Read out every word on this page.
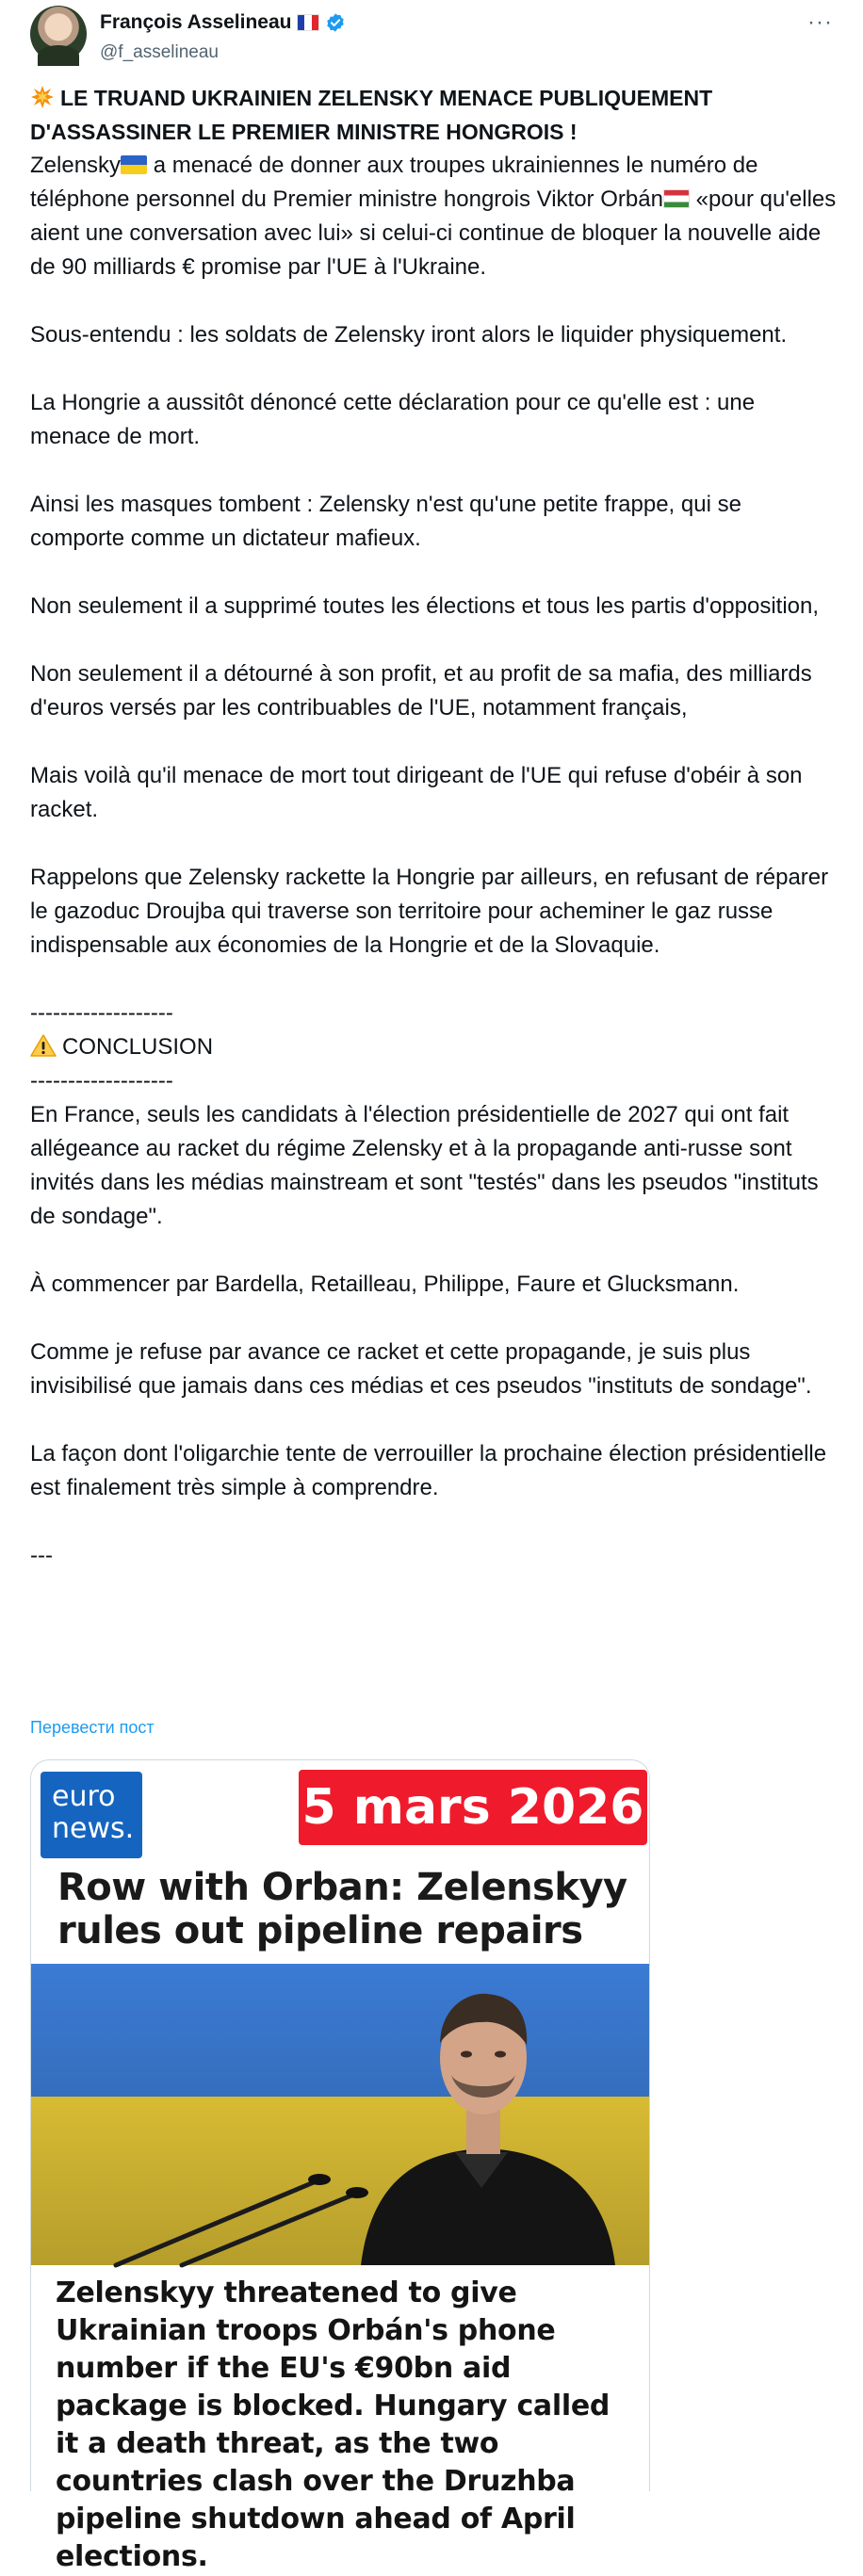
François Asselineau
@f_asselineau
···

LE TRUAND UKRAINIEN ZELENSKY MENACE PUBLIQUEMENT D'ASSASSINER LE PREMIER MINISTRE HONGROIS !

Zelensky a menacé de donner aux troupes ukrainiennes le numéro de téléphone personnel du Premier ministre hongrois Viktor Orbán «pour qu'elles aient une conversation avec lui» si celui-ci continue de bloquer la nouvelle aide de 90 milliards € promise par l'UE à l'Ukraine.

Sous-entendu : les soldats de Zelensky iront alors le liquider physiquement.

La Hongrie a aussitôt dénoncé cette déclaration pour ce qu'elle est : une menace de mort.

Ainsi les masques tombent : Zelensky n'est qu'une petite frappe, qui se comporte comme un dictateur mafieux.

Non seulement il a supprimé toutes les élections et tous les partis d'opposition,

Non seulement il a détourné à son profit, et au profit de sa mafia, des milliards d'euros versés par les contribuables de l'UE, notamment français,

Mais voilà qu'il menace de mort tout dirigeant de l'UE qui refuse d'obéir à son racket.

Rappelons que Zelensky rackette la Hongrie par ailleurs, en refusant de réparer le gazoduc Droujba qui traverse son territoire pour acheminer le gaz russe indispensable aux économies de la Hongrie et de la Slovaquie.

-------------------

CONCLUSION

-------------------

En France, seuls les candidats à l'élection présidentielle de 2027 qui ont fait allégeance au racket du régime Zelensky et à la propagande anti-russe sont invités dans les médias mainstream et sont "testés" dans les pseudos "instituts de sondage".

À commencer par Bardella, Retailleau, Philippe, Faure et Glucksmann.

Comme je refuse par avance ce racket et cette propagande, je suis plus invisibilisé que jamais dans ces médias et ces pseudos "instituts de sondage".

La façon dont l'oligarchie tente de verrouiller la prochaine élection présidentielle est finalement très simple à comprendre.

---

Перевести пост
euro
news.	5 mars 2026
Row with Orban: Zelenskyy rules out pipeline repairs
Zelenskyy threatened to give Ukrainian troops Orbán's phone number if the EU's €90bn aid package is blocked. Hungary called it a death threat, as the two countries clash over the Druzhba pipeline shutdown ahead of April elections.
